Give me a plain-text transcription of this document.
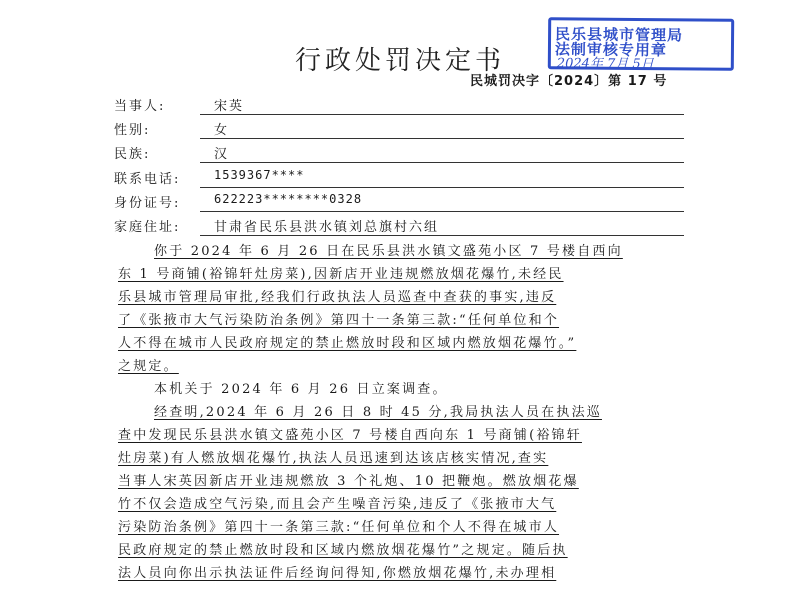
行政处罚决定书
民乐县城市管理局
法制审核专用章
2024年 7月 5日
民城罚决字〔2024〕第 17 号
当事人:	宋英
性别:	女
民族:	汉
联系电话:	1539367****
身份证号:	622223********0328
家庭住址:	甘肃省民乐县洪水镇刘总旗村六组
你于 2024 年 6 月 26 日在民乐县洪水镇文盛苑小区 7 号楼自西向
东 1 号商铺(裕锦轩灶房菜),因新店开业违规燃放烟花爆竹,未经民
乐县城市管理局审批,经我们行政执法人员巡查中查获的事实,违反
了《张掖市大气污染防治条例》第四十一条第三款:“任何单位和个
人不得在城市人民政府规定的禁止燃放时段和区域内燃放烟花爆竹。”
之规定。
本机关于 2024 年 6 月 26 日立案调查。
经查明,2024 年 6 月 26 日 8 时 45 分,我局执法人员在执法巡
查中发现民乐县洪水镇文盛苑小区 7 号楼自西向东 1 号商铺(裕锦轩
灶房菜)有人燃放烟花爆竹,执法人员迅速到达该店核实情况,查实
当事人宋英因新店开业违规燃放 3 个礼炮、10 把鞭炮。燃放烟花爆
竹不仅会造成空气污染,而且会产生噪音污染,违反了《张掖市大气
污染防治条例》第四十一条第三款:“任何单位和个人不得在城市人
民政府规定的禁止燃放时段和区域内燃放烟花爆竹”之规定。随后执
法人员向你出示执法证件后经询问得知,你燃放烟花爆竹,未办理相
